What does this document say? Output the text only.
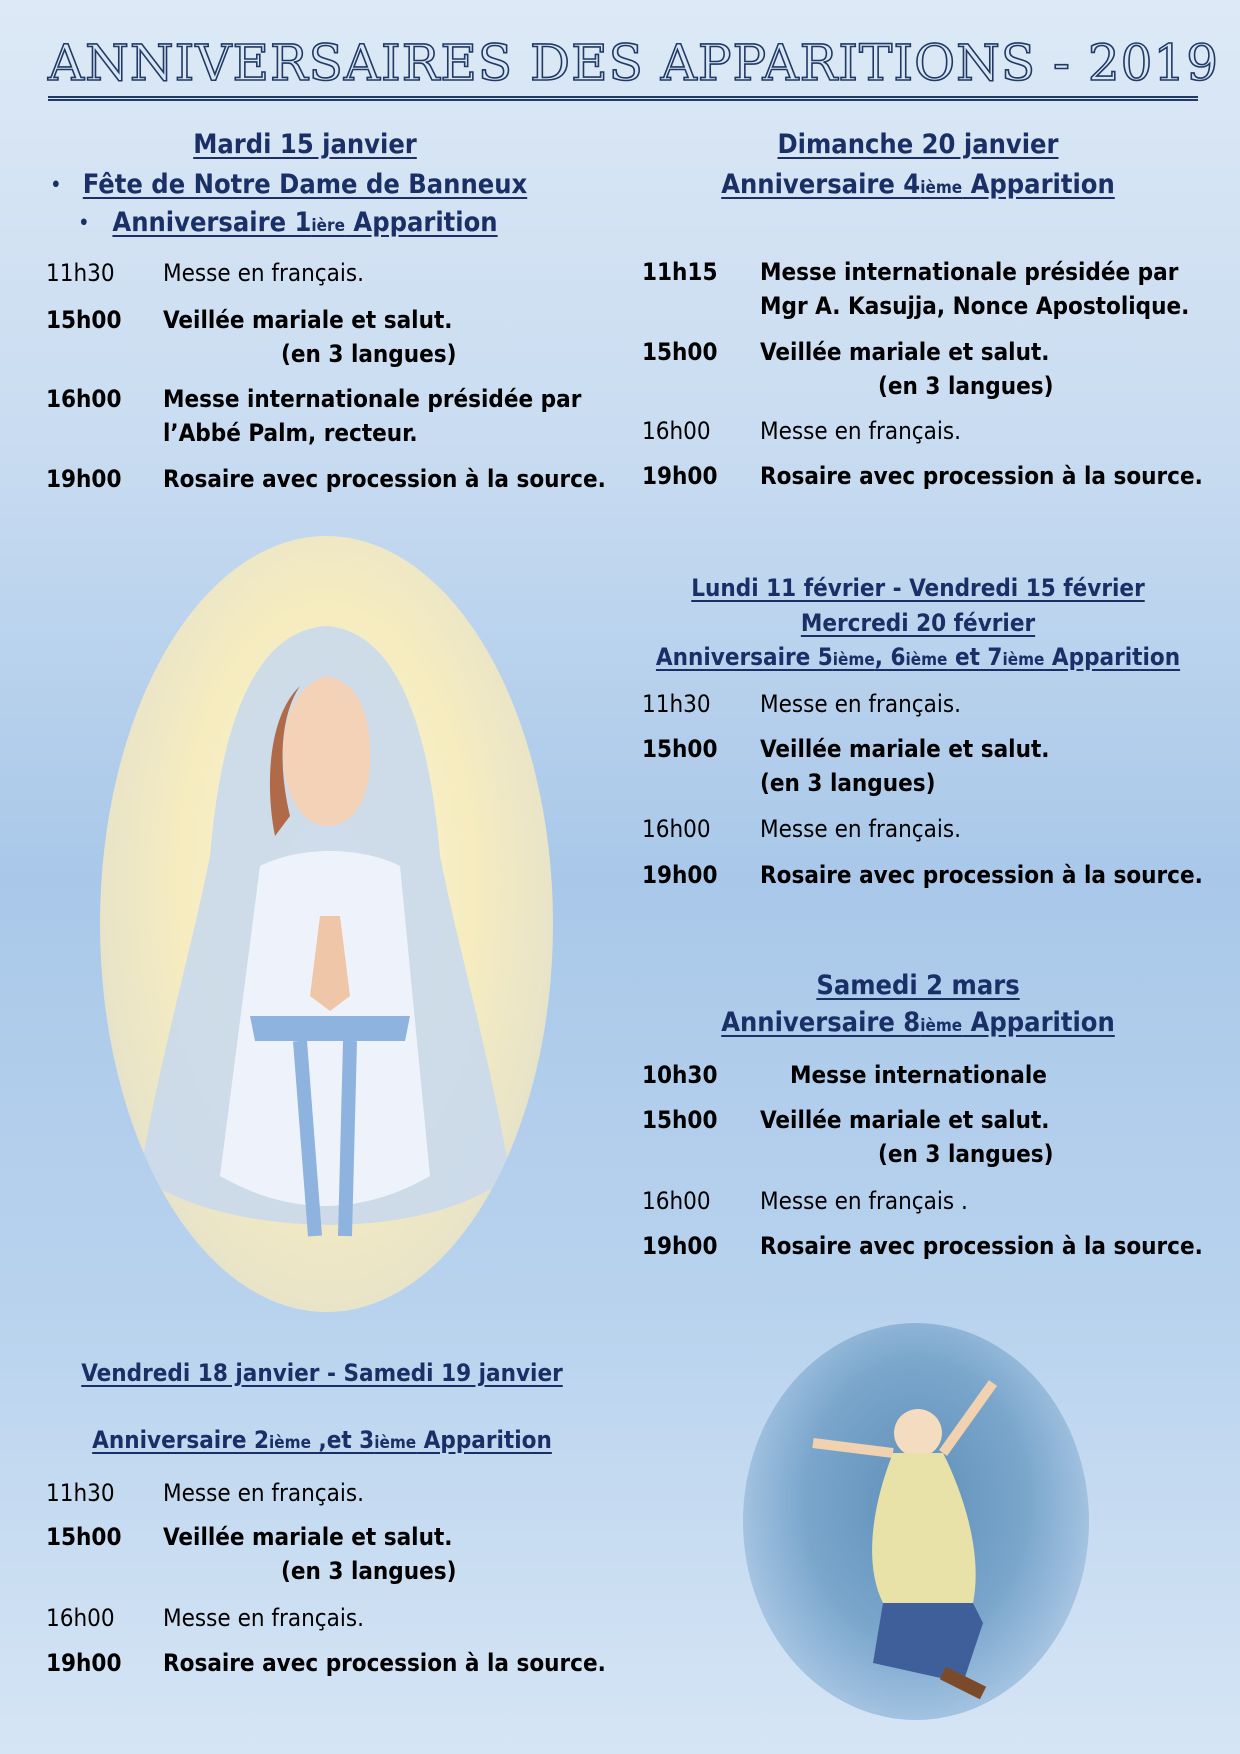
ANNIVERSAIRES DES APPARITIONS - 2019
Mardi 15 janvier
Fête de Notre Dame de Banneux
Anniversaire 1ière Apparition
•
•
11h30 Messe en français.
15h00 Veillée mariale et salut.
(en 3 langues)
16h00 Messe internationale présidée par
l’Abbé Palm, recteur.
19h00 Rosaire avec procession à la source.
Dimanche 20 janvier
Anniversaire 4ième Apparition
11h15 Messe internationale présidée par
Mgr A. Kasujja, Nonce Apostolique.
15h00 Veillée mariale et salut.
(en 3 langues)
16h00 Messe en français.
19h00 Rosaire avec procession à la source.
Lundi 11 février - Vendredi 15 février
Mercredi 20 février
Anniversaire 5ième, 6ième et 7ième Apparition
11h30 Messe en français.
15h00 Veillée mariale et salut.
(en 3 langues)
16h00 Messe en français.
19h00 Rosaire avec procession à la source.
Samedi 2 mars
Anniversaire 8ième Apparition
10h30	Messe internationale
15h00 Veillée mariale et salut.
(en 3 langues)
16h00 Messe en français .
19h00 Rosaire avec procession à la source.
Vendredi 18 janvier - Samedi 19 janvier
Anniversaire 2ième ,et 3ième Apparition
11h30 Messe en français.
15h00 Veillée mariale et salut.
(en 3 langues)
16h00 Messe en français.
19h00 Rosaire avec procession à la source.
